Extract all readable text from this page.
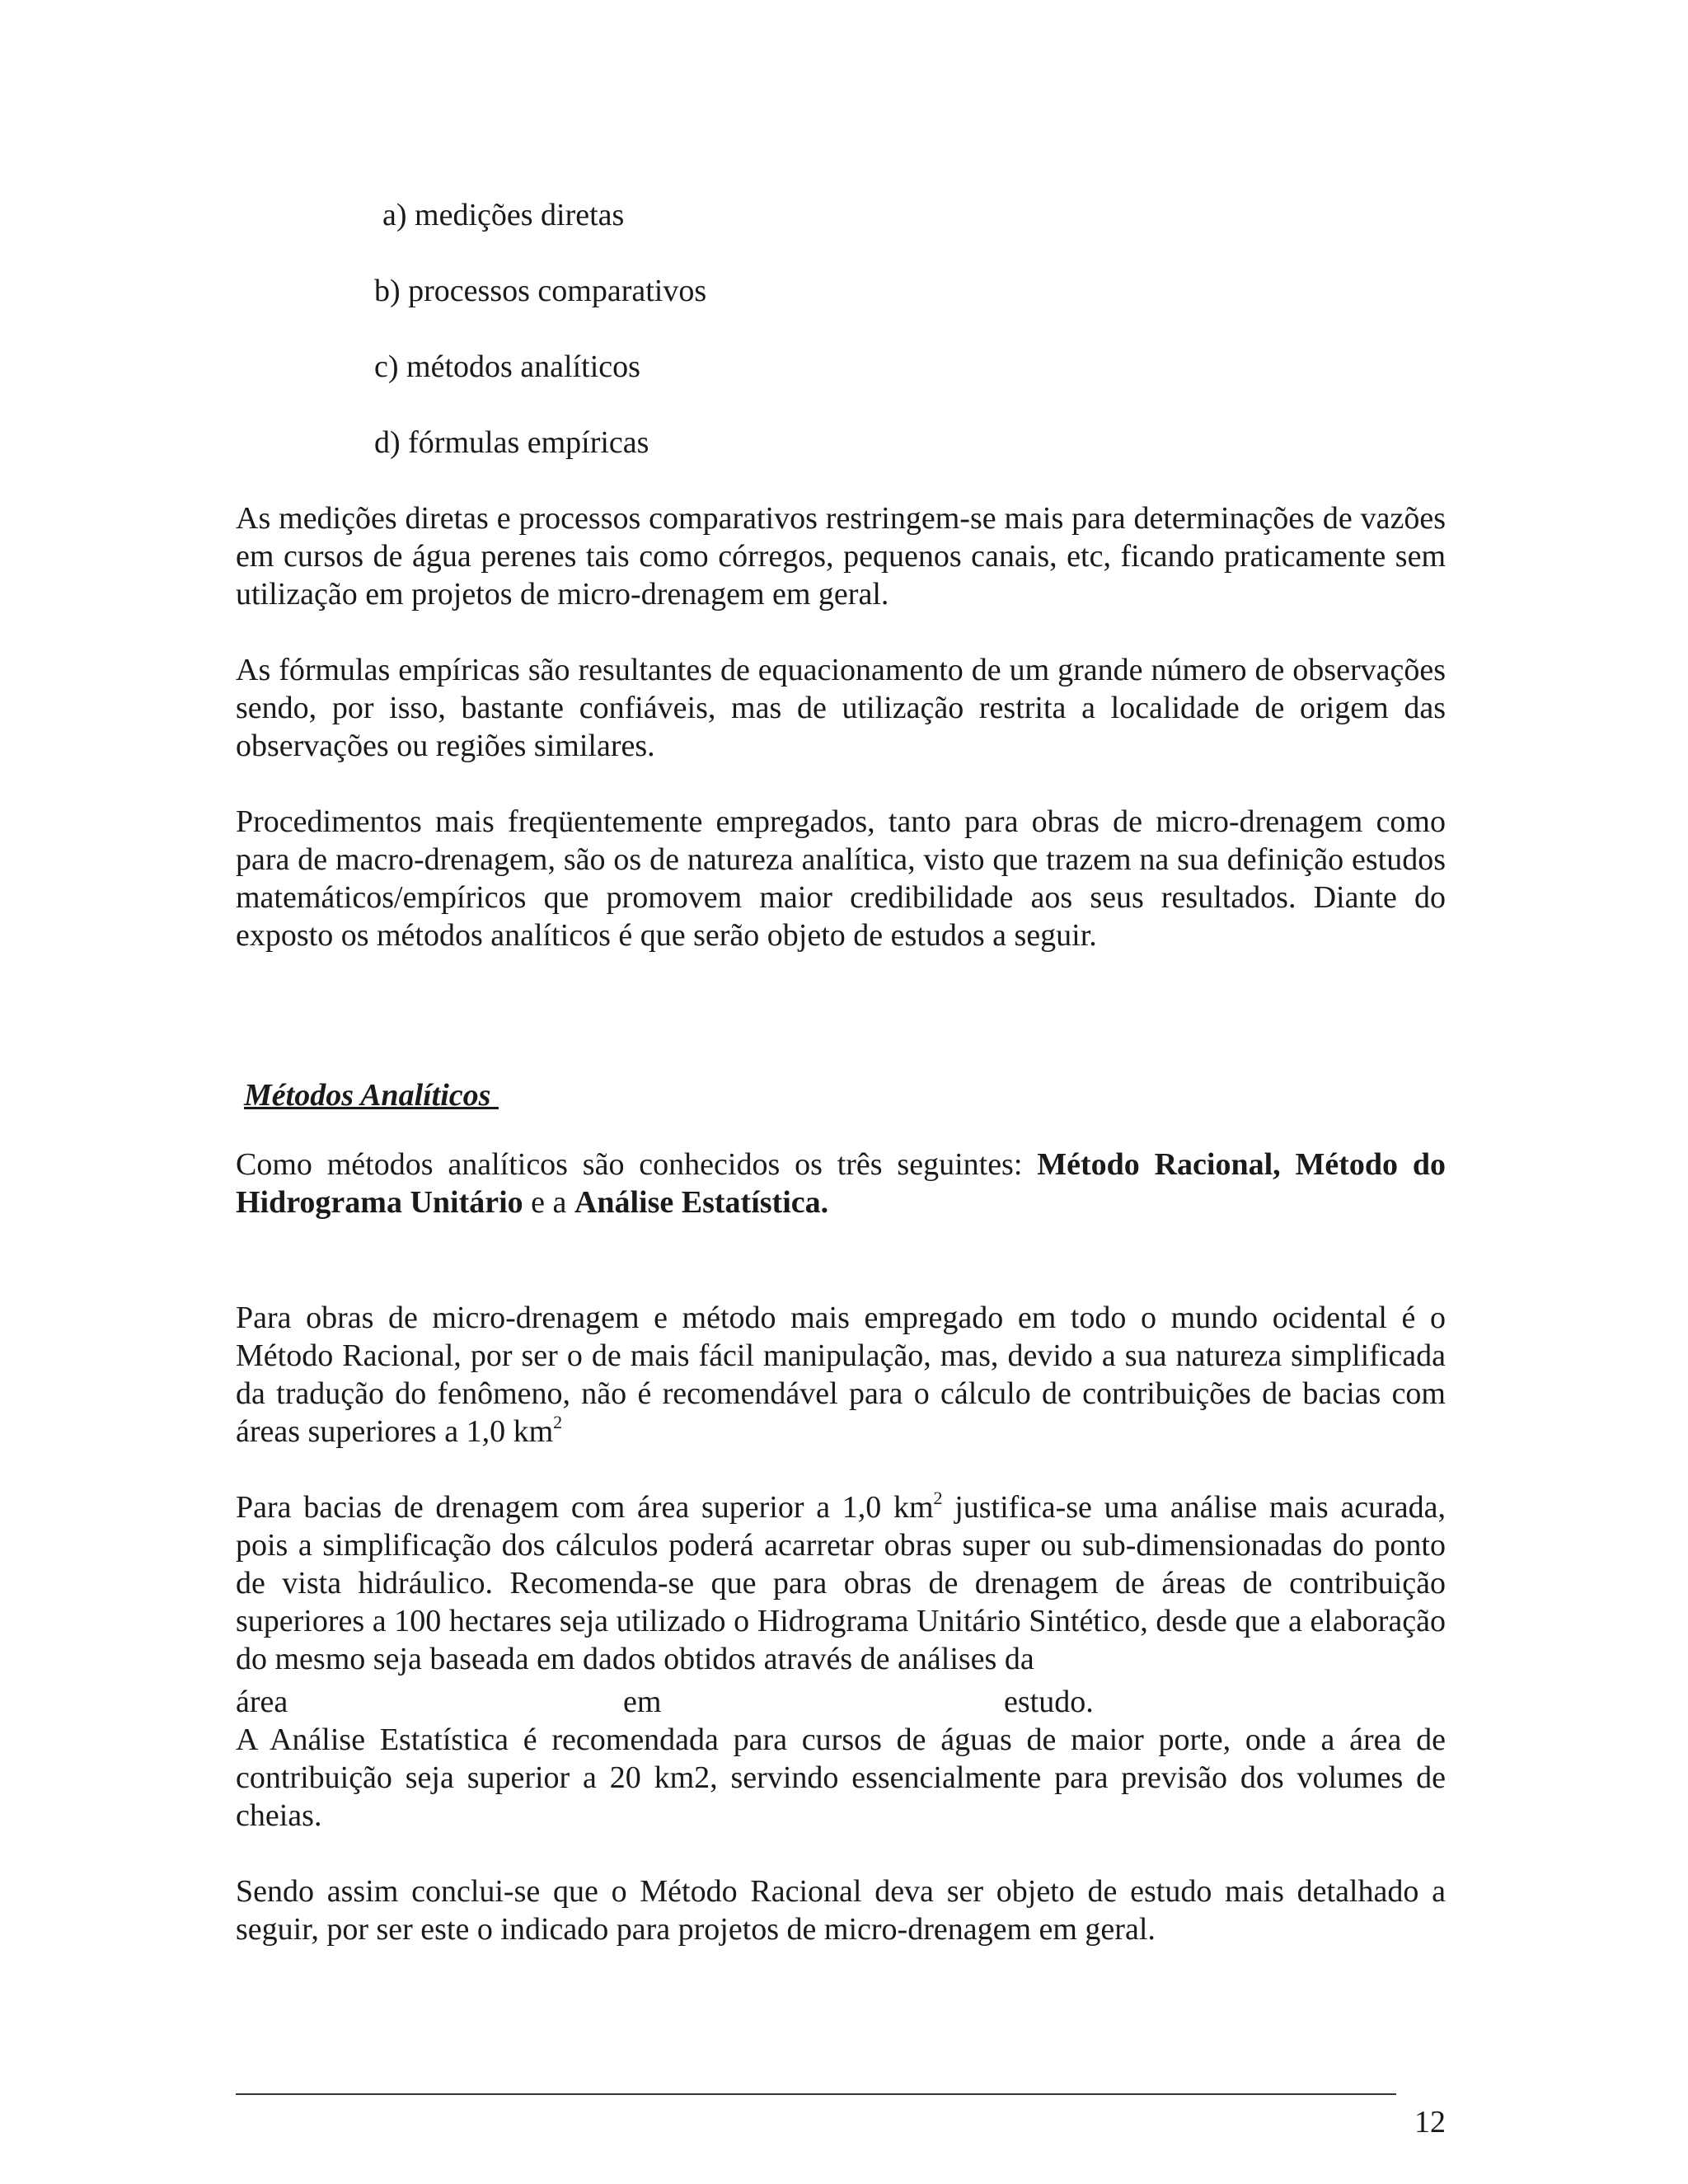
a) medições diretas
b) processos comparativos
c) métodos analíticos
d) fórmulas empíricas

As medições diretas e processos comparativos restringem-se mais para determinações de vazões em cursos de água perenes tais como córregos, pequenos canais, etc, ficando praticamente sem utilização em projetos de micro-drenagem em geral.

As fórmulas empíricas são resultantes de equacionamento de um grande número de observações sendo, por isso, bastante confiáveis, mas de utilização restrita a localidade de origem das observações ou regiões similares.

Procedimentos mais freqüentemente empregados, tanto para obras de micro-drenagem como para de macro-drenagem, são os de natureza analítica, visto que trazem na sua definição estudos matemáticos/empíricos que promovem maior credibilidade aos seus resultados. Diante do exposto os métodos analíticos é que serão objeto de estudos a seguir.

Métodos Analíticos

Como métodos analíticos são conhecidos os três seguintes: Método Racional, Método do Hidrograma Unitário e a Análise Estatística.

Para obras de micro-drenagem e método mais empregado em todo o mundo ocidental é o Método Racional, por ser o de mais fácil manipulação, mas, devido a sua natureza simplificada da tradução do fenômeno, não é recomendável para o cálculo de contribuições de bacias com áreas superiores a 1,0 $km^2$

Para bacias de drenagem com área superior a 1,0 $km^2$ justifica-se uma análise mais acurada, pois a simplificação dos cálculos poderá acarretar obras super ou sub-dimensionadas do ponto de vista hidráulico. Recomenda-se que para obras de drenagem de áreas de contribuição superiores a 100 hectares seja utilizado o Hidrograma Unitário Sintético, desde que a elaboração do mesmo seja baseada em dados obtidos através de análises da

área	em	estudo.

A Análise Estatística é recomendada para cursos de águas de maior porte, onde a área de contribuição seja superior a 20 km2, servindo essencialmente para previsão dos volumes de cheias.

Sendo assim conclui-se que o Método Racional deva ser objeto de estudo mais detalhado a seguir, por ser este o indicado para projetos de micro-drenagem em geral.

12
